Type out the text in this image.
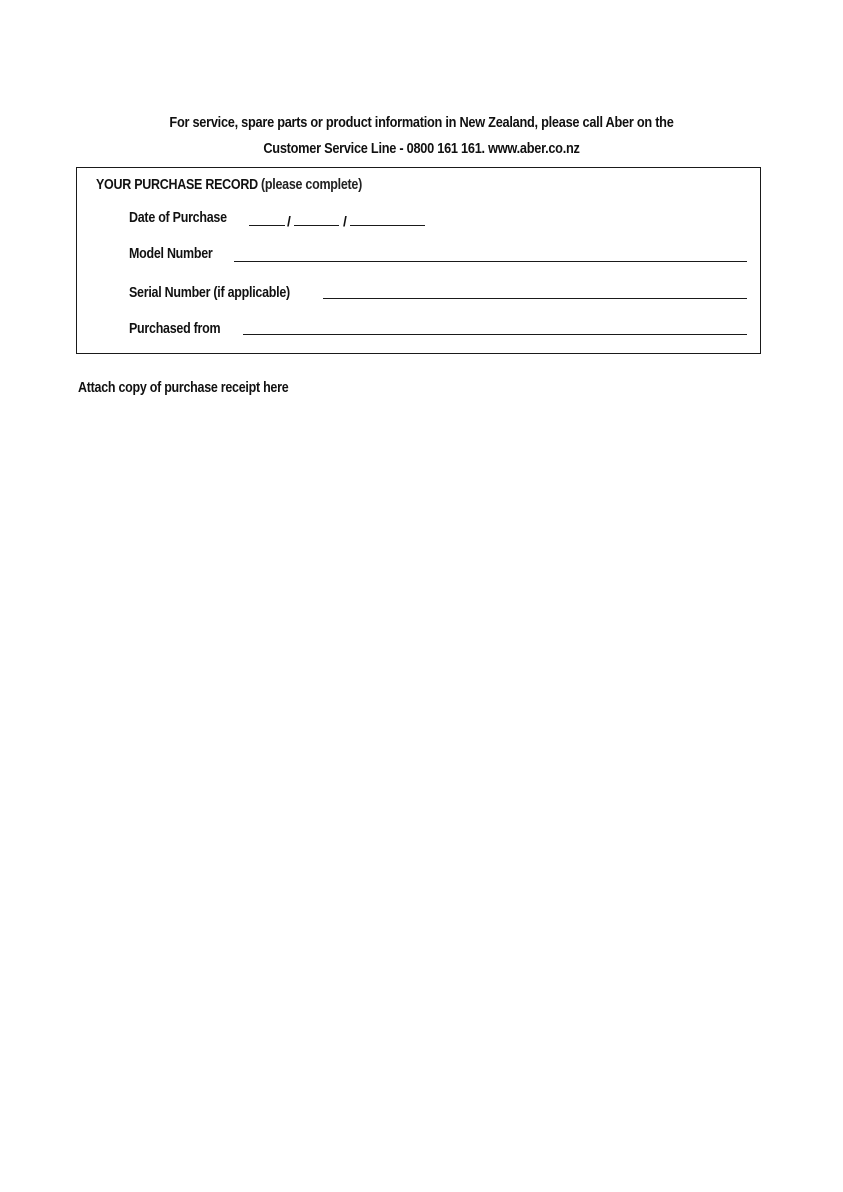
For service, spare parts or product information in New Zealand, please call Aber on the
Customer Service Line - 0800 161 161. www.aber.co.nz
YOUR PURCHASE RECORD (please complete)
Date of Purchase	/	/
Model Number
Serial Number (if applicable)
Purchased from
Attach copy of purchase receipt here
